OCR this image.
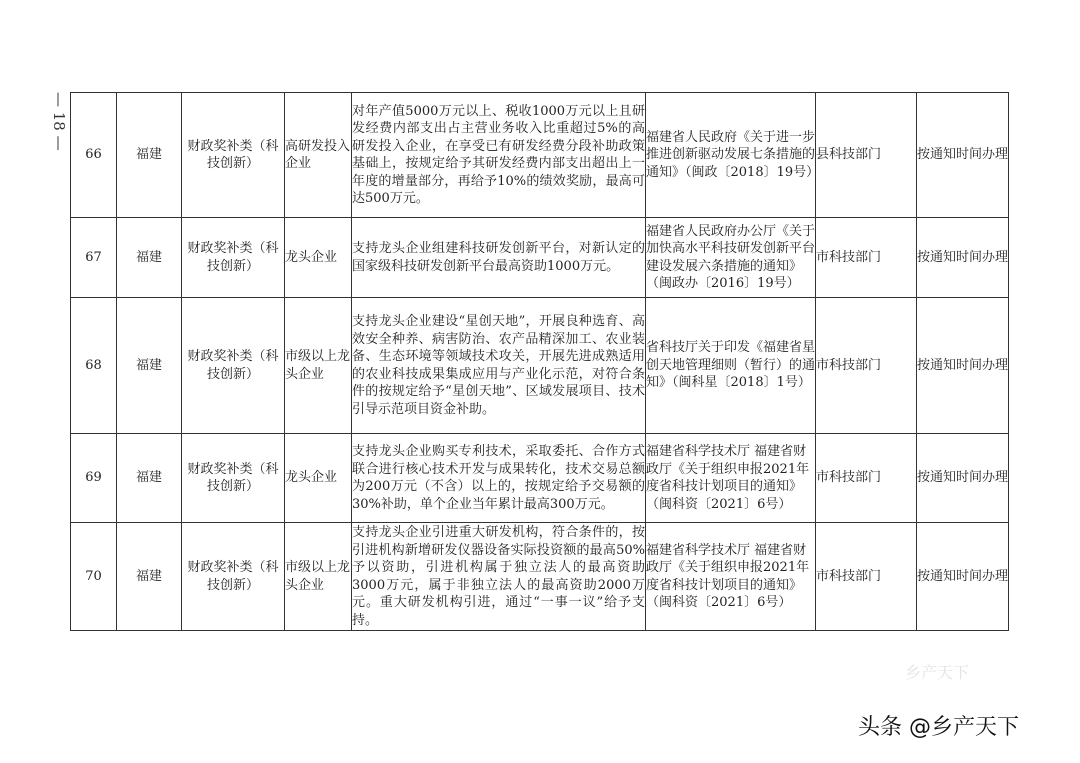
— 18 —
66	福建	财政奖补类（科技创新）	高研发投入企业	对年产值5000万元以上、税收1000万元以上且研发经费内部支出占主营业务收入比重超过5%的高研发投入企业，在享受已有研发经费分段补助政策基础上，按规定给予其研发经费内部支出超出上一年度的增量部分，再给予10%的绩效奖励，最高可达500万元。	福建省人民政府《关于进一步推进创新驱动发展七条措施的通知》（闽政〔2018〕19号）	县科技部门	按通知时间办理
67	福建	财政奖补类（科技创新）	龙头企业	支持龙头企业组建科技研发创新平台，对新认定的国家级科技研发创新平台最高资助1000万元。	福建省人民政府办公厅《关于加快高水平科技研发创新平台建设发展六条措施的通知》（闽政办〔2016〕19号）	市科技部门	按通知时间办理
68	福建	财政奖补类（科技创新）	市级以上龙头企业	支持龙头企业建设“星创天地”，开展良种选育、高效安全种养、病害防治、农产品精深加工、农业装备、生态环境等领域技术攻关，开展先进成熟适用的农业科技成果集成应用与产业化示范，对符合条件的按规定给予“星创天地”、区域发展项目、技术引导示范项目资金补助。	省科技厅关于印发《福建省星创天地管理细则（暂行）的通知》（闽科星〔2018〕1号）	市科技部门	按通知时间办理
69	福建	财政奖补类（科技创新）	龙头企业	支持龙头企业购买专利技术，采取委托、合作方式联合进行核心技术开发与成果转化，技术交易总额为200万元（不含）以上的，按规定给予交易额的30%补助，单个企业当年累计最高300万元。	福建省科学技术厅 福建省财政厅《关于组织申报2021年度省科技计划项目的通知》（闽科资〔2021〕6号）	市科技部门	按通知时间办理
70	福建	财政奖补类（科技创新）	市级以上龙头企业	支持龙头企业引进重大研发机构，符合条件的，按引进机构新增研发仪器设备实际投资额的最高50%予以资助，引进机构属于独立法人的最高资助3000万元，属于非独立法人的最高资助2000万元。重大研发机构引进，通过“一事一议”给予支持。	福建省科学技术厅 福建省财政厅《关于组织申报2021年度省科技计划项目的通知》（闽科资〔2021〕6号）	市科技部门	按通知时间办理
乡产天下
头条 @乡产天下
